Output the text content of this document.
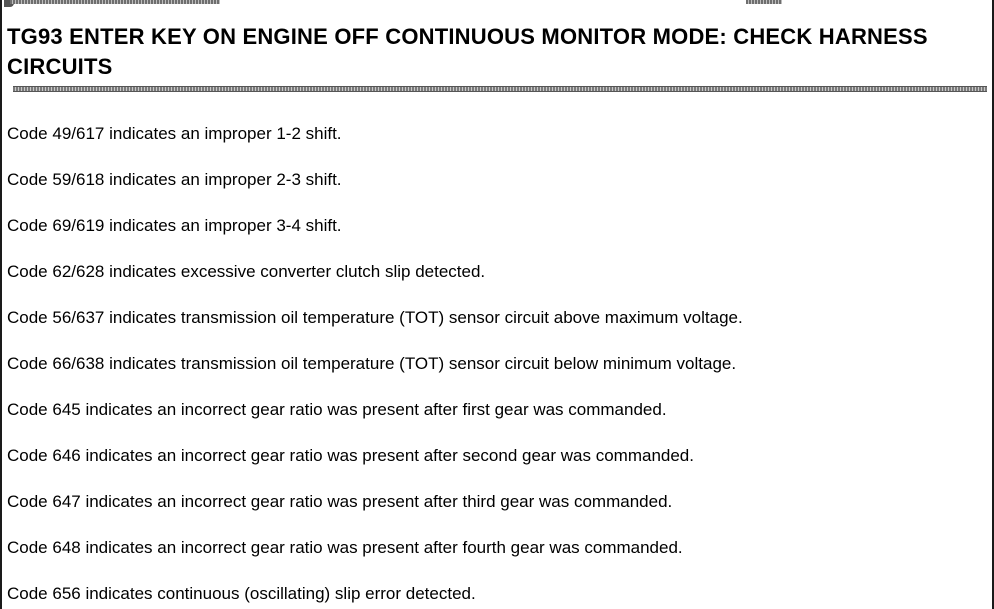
TG93 ENTER KEY ON ENGINE OFF CONTINUOUS MONITOR MODE: CHECK HARNESS CIRCUITS
Code 49/617 indicates an improper 1-2 shift.
Code 59/618 indicates an improper 2-3 shift.
Code 69/619 indicates an improper 3-4 shift.
Code 62/628 indicates excessive converter clutch slip detected.
Code 56/637 indicates transmission oil temperature (TOT) sensor circuit above maximum voltage.
Code 66/638 indicates transmission oil temperature (TOT) sensor circuit below minimum voltage.
Code 645 indicates an incorrect gear ratio was present after first gear was commanded.
Code 646 indicates an incorrect gear ratio was present after second gear was commanded.
Code 647 indicates an incorrect gear ratio was present after third gear was commanded.
Code 648 indicates an incorrect gear ratio was present after fourth gear was commanded.
Code 656 indicates continuous (oscillating) slip error detected.
